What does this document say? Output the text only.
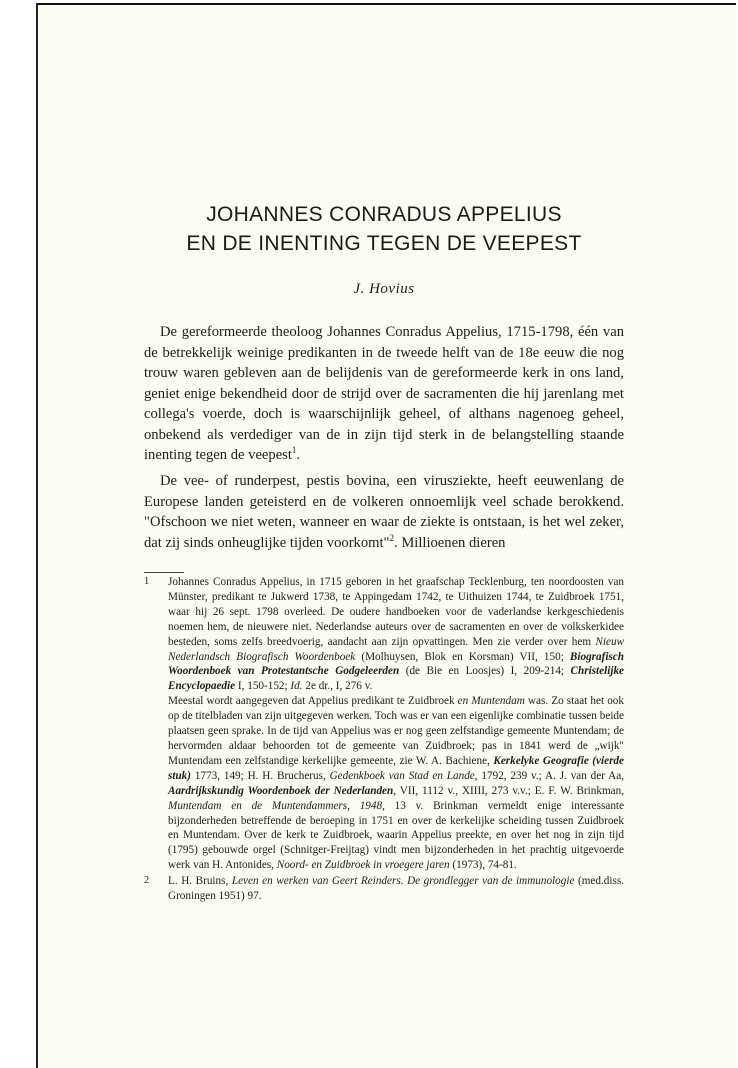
JOHANNES CONRADUS APPELIUS
EN DE INENTING TEGEN DE VEEPEST
J. Hovius

De gereformeerde theoloog Johannes Conradus Appelius, 1715-1798, één van de betrekkelijk weinige predikanten in de tweede helft van de 18e eeuw die nog trouw waren gebleven aan de belijdenis van de gereformeerde kerk in ons land, geniet enige bekendheid door de strijd over de sacramenten die hij jarenlang met collega's voerde, doch is waarschijnlijk geheel, of althans nagenoeg geheel, onbekend als verdediger van de in zijn tijd sterk in de belangstelling staande inenting tegen de veepest$^1$.

De vee- of runderpest, pestis bovina, een virusziekte, heeft eeuwenlang de Europese landen geteisterd en de volkeren onnoemlijk veel schade berokkend. "Ofschoon we niet weten, wanneer en waar de ziekte is ontstaan, is het wel zeker, dat zij sinds onheuglijke tijden voorkomt"$^2$. Millioenen dieren

1	Johannes Conradus Appelius, in 1715 geboren in het graafschap Tecklenburg, ten noordoosten van Münster, predikant te Jukwerd 1738, te Appingedam 1742, te Uithuizen 1744, te Zuidbroek 1751, waar hij 26 sept. 1798 overleed. De oudere handboeken voor de vaderlandse kerkgeschiedenis noemen hem, de nieuwere niet. Nederlandse auteurs over de sacramenten en over de volkskerkidee besteden, soms zelfs breedvoerig, aandacht aan zijn opvattingen. Men zie verder over hem Nieuw Nederlandsch Biografisch Woordenboek (Molhuysen, Blok en Korsman) VII, 150; Biografisch Woordenboek van Protestantsche Godgeleerden (de Bie en Loosjes) I, 209-214; Christelijke Encyclopaedie I, 150-152; Id. 2e dr., I, 276 v.
Meestal wordt aangegeven dat Appelius predikant te Zuidbroek en Muntendam was. Zo staat het ook op de titelbladen van zijn uitgegeven werken. Toch was er van een eigenlijke combinatie tussen beide plaatsen geen sprake. In de tijd van Appelius was er nog geen zelfstandige gemeente Muntendam; de hervormden aldaar behoorden tot de gemeente van Zuidbroek; pas in 1841 werd de „wijk" Muntendam een zelfstandige kerkelijke gemeente, zie W. A. Bachiene, Kerkelyke Geografie (vierde stuk) 1773, 149; H. H. Brucherus, Gedenkboek van Stad en Lande, 1792, 239 v.; A. J. van der Aa, Aardrijkskundig Woordenboek der Nederlanden, VII, 1112 v., XIIII, 273 v.v.; E. F. W. Brinkman, Muntendam en de Muntendammers, 1948, 13 v. Brinkman vermeldt enige interessante bijzonderheden betreffende de beroeping in 1751 en over de kerkelijke scheiding tussen Zuidbroek en Muntendam. Over de kerk te Zuidbroek, waarin Appelius preekte, en over het nog in zijn tijd (1795) gebouwde orgel (Schnitger-Freijtag) vindt men bijzonderheden in het prachtig uitgevoerde werk van H. Antonides, Noord- en Zuidbroek in vroegere jaren (1973), 74-81.
2	L. H. Bruins, Leven en werken van Geert Reinders. De grondlegger van de immunologie (med.diss. Groningen 1951) 97.
